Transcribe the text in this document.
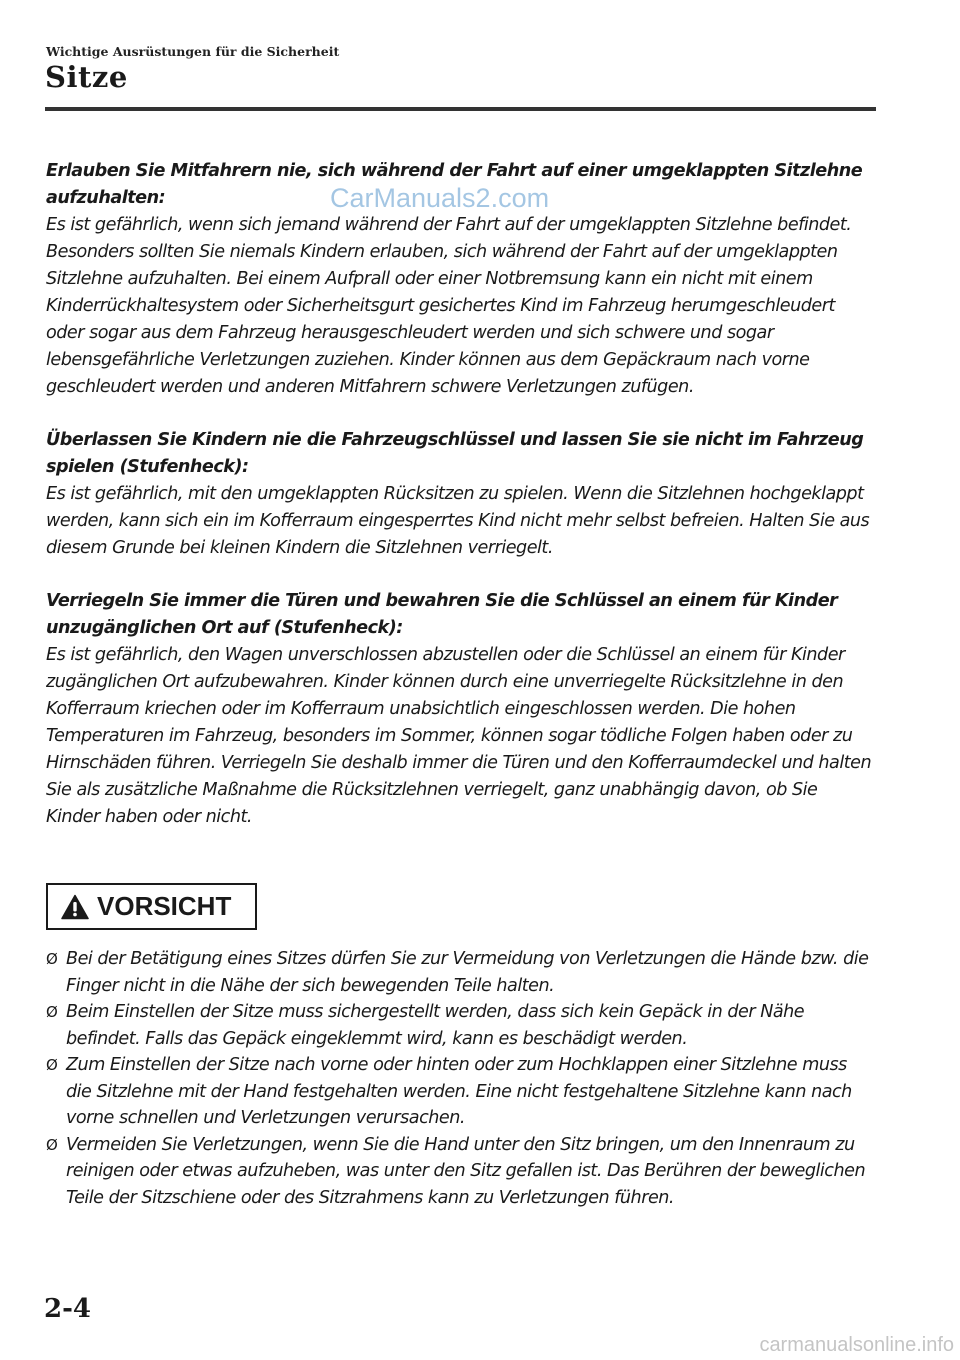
Wichtige Ausrüstungen für die Sicherheit
Sitze

Erlauben Sie Mitfahrern nie, sich während der Fahrt auf einer umgeklappten Sitzlehne aufzuhalten:

Es ist gefährlich, wenn sich jemand während der Fahrt auf der umgeklappten Sitzlehne befindet. Besonders sollten Sie niemals Kindern erlauben, sich während der Fahrt auf der umgeklappten Sitzlehne aufzuhalten. Bei einem Aufprall oder einer Notbremsung kann ein nicht mit einem Kinderrückhaltesystem oder Sicherheitsgurt gesichertes Kind im Fahrzeug herumgeschleudert oder sogar aus dem Fahrzeug herausgeschleudert werden und sich schwere und sogar lebensgefährliche Verletzungen zuziehen. Kinder können aus dem Gepäckraum nach vorne geschleudert werden und anderen Mitfahrern schwere Verletzungen zufügen.

Überlassen Sie Kindern nie die Fahrzeugschlüssel und lassen Sie sie nicht im Fahrzeug spielen (Stufenheck):

Es ist gefährlich, mit den umgeklappten Rücksitzen zu spielen. Wenn die Sitzlehnen hochgeklappt werden, kann sich ein im Kofferraum eingesperrtes Kind nicht mehr selbst befreien. Halten Sie aus diesem Grunde bei kleinen Kindern die Sitzlehnen verriegelt.

Verriegeln Sie immer die Türen und bewahren Sie die Schlüssel an einem für Kinder unzugänglichen Ort auf (Stufenheck):

Es ist gefährlich, den Wagen unverschlossen abzustellen oder die Schlüssel an einem für Kinder zugänglichen Ort aufzubewahren. Kinder können durch eine unverriegelte Rücksitzlehne in den Kofferraum kriechen oder im Kofferraum unabsichtlich eingeschlossen werden. Die hohen Temperaturen im Fahrzeug, besonders im Sommer, können sogar tödliche Folgen haben oder zu Hirnschäden führen. Verriegeln Sie deshalb immer die Türen und den Kofferraumdeckel und halten Sie als zusätzliche Maßnahme die Rücksitzlehnen verriegelt, ganz unabhängig davon, ob Sie Kinder haben oder nicht.

CarManuals2.com
VORSICHT
Ø Bei der Betätigung eines Sitzes dürfen Sie zur Vermeidung von Verletzungen die Hände bzw. die Finger nicht in die Nähe der sich bewegenden Teile halten.
Ø Beim Einstellen der Sitze muss sichergestellt werden, dass sich kein Gepäck in der Nähe befindet. Falls das Gepäck eingeklemmt wird, kann es beschädigt werden.
Ø Zum Einstellen der Sitze nach vorne oder hinten oder zum Hochklappen einer Sitzlehne muss die Sitzlehne mit der Hand festgehalten werden. Eine nicht festgehaltene Sitzlehne kann nach vorne schnellen und Verletzungen verursachen.
Ø Vermeiden Sie Verletzungen, wenn Sie die Hand unter den Sitz bringen, um den Innenraum zu reinigen oder etwas aufzuheben, was unter den Sitz gefallen ist. Das Berühren der beweglichen Teile der Sitzschiene oder des Sitzrahmens kann zu Verletzungen führen.
2-4
carmanualsonline.info
